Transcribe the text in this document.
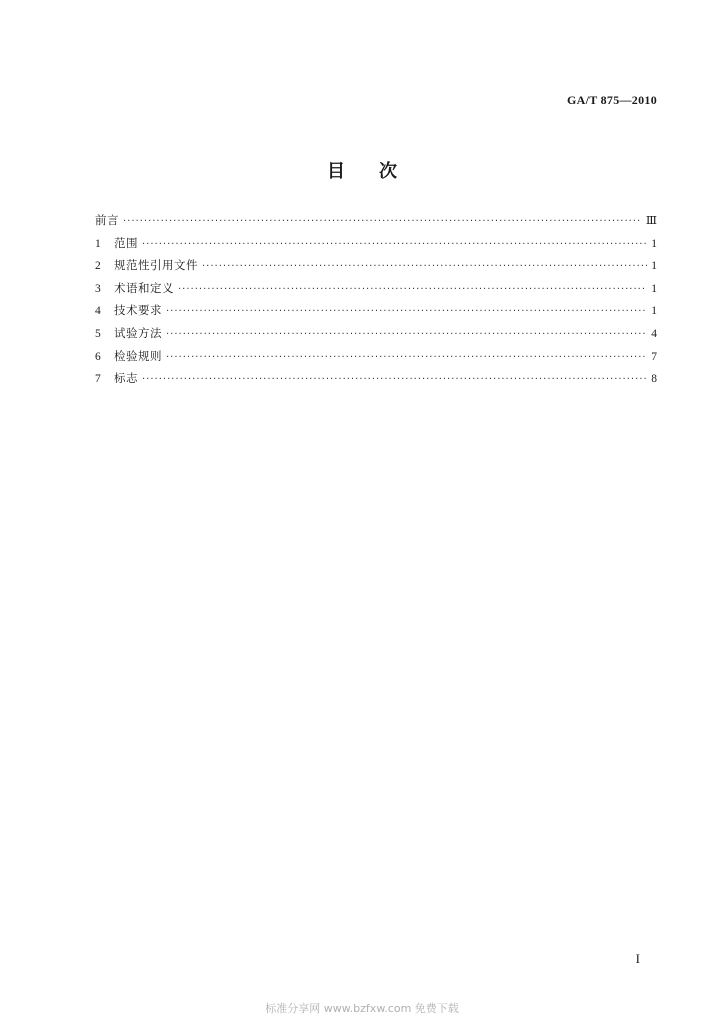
GA/T 875—2010
目 次
前言 ·····	Ⅲ
1	范围 ·····	1
2	规范性引用文件 ·····	1
3	术语和定义 ·····	1
4	技术要求 ·····	1
5	试验方法 ·····	4
6	检验规则 ·····	7
7	标志 ·····	8
I
标准分享网 www.bzfxw.com 免费下载
